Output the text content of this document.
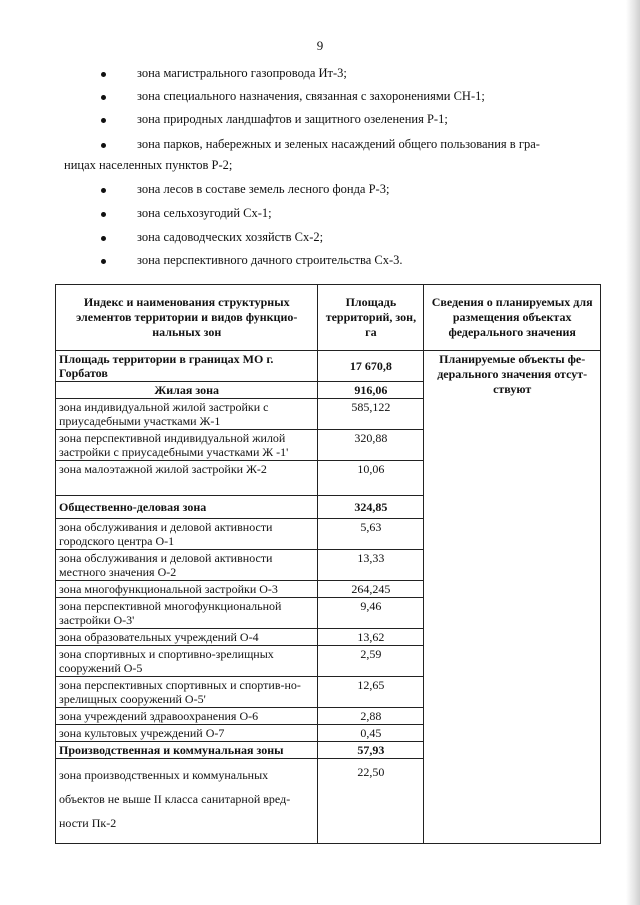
9
зона магистрального газопровода Ит-3;
зона специального назначения, связанная с захоронениями СН-1;
зона природных ландшафтов и защитного озеленения Р-1;
зона парков, набережных и зеленых насаждений общего пользования в гра-
ницах населенных пунктов Р-2;
зона лесов в составе земель лесного фонда Р-3;
зона сельхозугодий Сх-1;
зона садоводческих хозяйств Сх-2;
зона перспективного дачного строительства Сх-3.
Индекс и наименования структурных элементов территории и видов функцио-нальных зон	Площадь территорий, зон, га	Сведения о планируемых для размещения объектах федерального значения
Площадь территории в границах МО г. Горбатов	17 670,8	Планируемые объекты фе-дерального значения отсут-ствуют
Жилая зона	916,06	
зона индивидуальной жилой застройки с приусадебными участками Ж-1	585,122	
зона перспективной индивидуальной жилой застройки с приусадебными участками Ж -1'	320,88	
зона малоэтажной жилой застройки Ж-2	10,06	
Общественно-деловая зона	324,85	
зона обслуживания и деловой активности городского центра О-1	5,63	
зона обслуживания и деловой активности местного значения О-2	13,33	
зона многофункциональной застройки О-3	264,245	
зона перспективной многофункциональной застройки О-3'	9,46	
зона образовательных учреждений О-4	13,62	
зона спортивных и спортивно-зрелищных сооружений О-5	2,59	
зона перспективных спортивных и спортив-но-зрелищных сооружений О-5'	12,65	
зона учреждений здравоохранения О-6	2,88	
зона культовых учреждений О-7	0,45	
Производственная и коммунальная зоны	57,93	
зона производственных и коммунальных объектов не выше II класса санитарной вред-ности Пк-2	22,50	
